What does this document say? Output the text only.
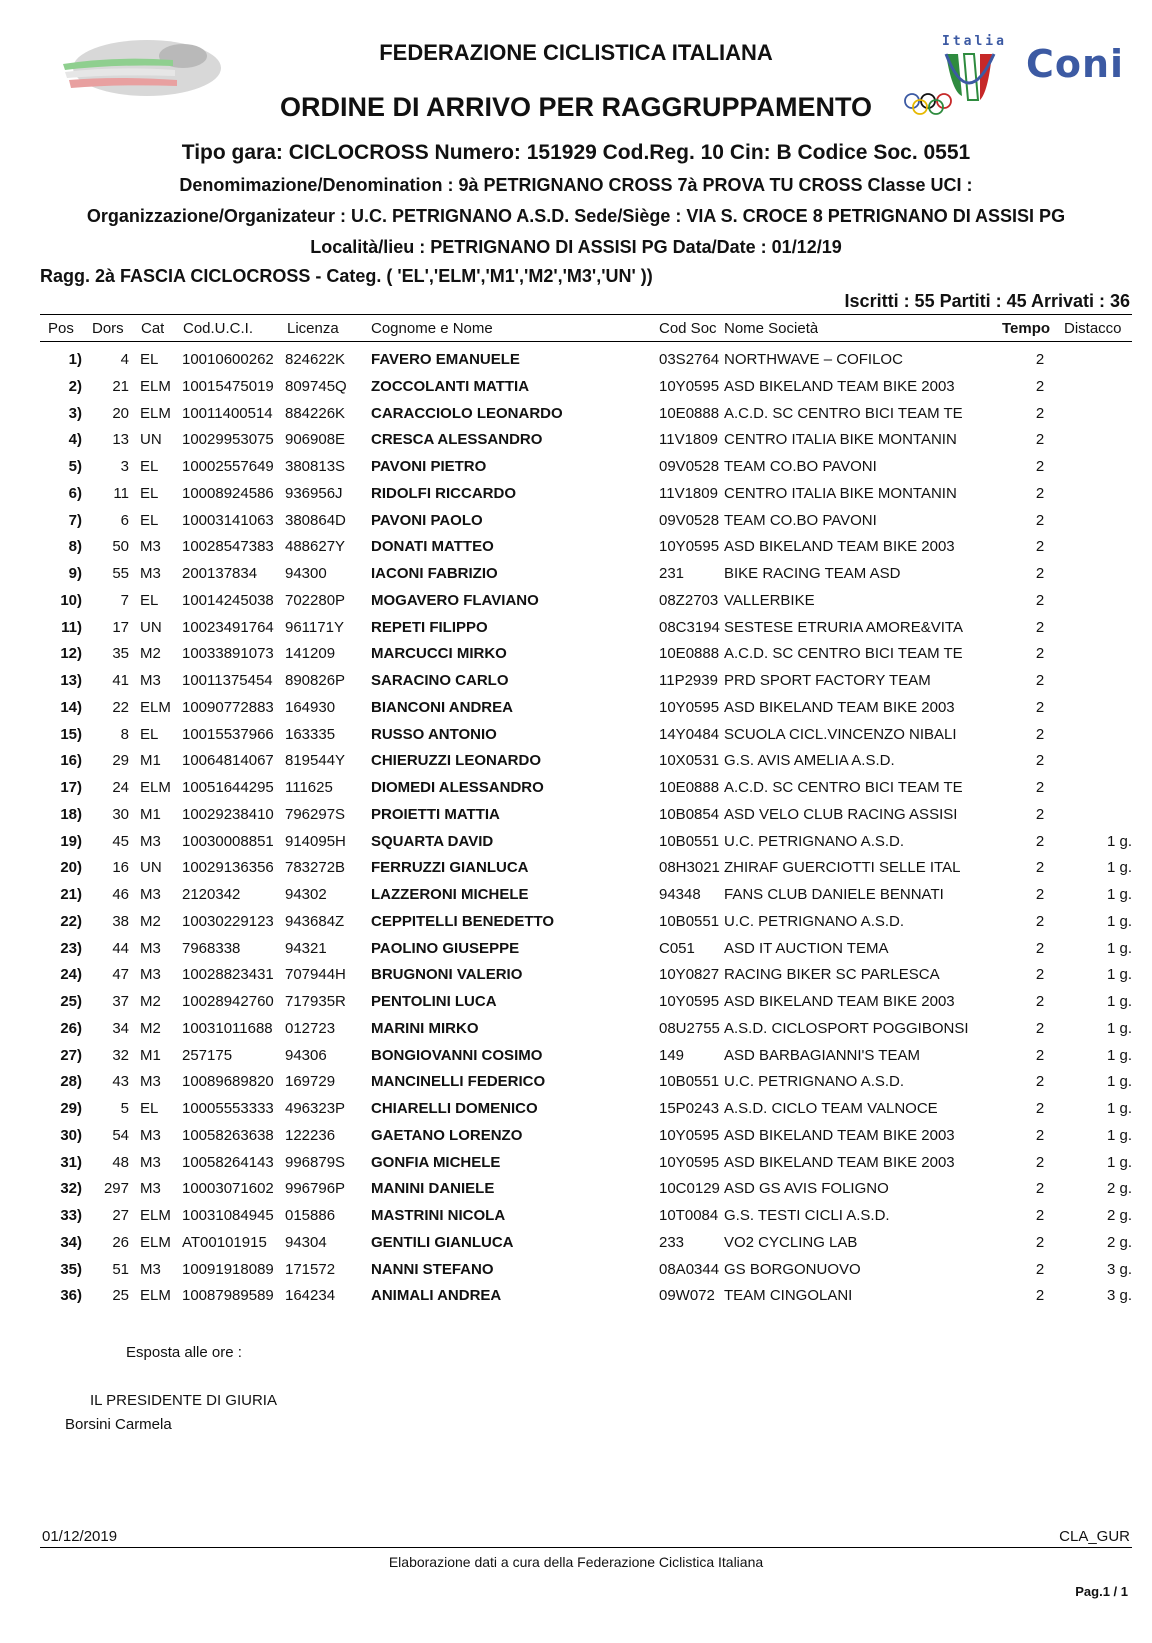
Italia
Coni
FEDERAZIONE CICLISTICA ITALIANA
ORDINE DI ARRIVO PER RAGGRUPPAMENTO
Tipo gara: CICLOCROSS Numero: 151929 Cod.Reg. 10 Cin: B Codice Soc. 0551
Denomimazione/Denomination : 9à PETRIGNANO CROSS 7à PROVA TU CROSS Classe UCI :
Organizzazione/Organizateur : U.C. PETRIGNANO A.S.D. Sede/Siège : VIA S. CROCE 8 PETRIGNANO DI ASSISI PG
Località/lieu : PETRIGNANO DI ASSISI PG Data/Date : 01/12/19
Ragg. 2à FASCIA CICLOCROSS - Categ. ( 'EL','ELM','M1','M2','M3','UN' ))
Iscritti : 55 Partiti : 45 Arrivati : 36
Pos Dors Cat Cod.U.C.I. Licenza Cognome e Nome	Cod Soc Nome Società	Tempo Distacco
1)	4 EL	10010600262 824622K	FAVERO EMANUELE	03S2764 NORTHWAVE – COFILOC	2
2)	21 ELM 10015475019 809745Q	ZOCCOLANTI MATTIA	10Y0595 ASD BIKELAND TEAM BIKE 2003	2
3)	20 ELM 10011400514 884226K	CARACCIOLO LEONARDO	10E0888 A.C.D. SC CENTRO BICI TEAM TE	2
4)	13 UN	10029953075 906908E	CRESCA ALESSANDRO	11V1809 CENTRO ITALIA BIKE MONTANIN	2
5)	3 EL	10002557649 380813S	PAVONI PIETRO	09V0528 TEAM CO.BO PAVONI	2
6)	11 EL	10008924586 936956J	RIDOLFI RICCARDO	11V1809 CENTRO ITALIA BIKE MONTANIN	2
7)	6 EL	10003141063 380864D	PAVONI PAOLO	09V0528 TEAM CO.BO PAVONI	2
8)	50 M3	10028547383 488627Y	DONATI MATTEO	10Y0595 ASD BIKELAND TEAM BIKE 2003	2
9)	55 M3	200137834	94300	IACONI FABRIZIO	231	BIKE RACING TEAM ASD	2
10)	7 EL	10014245038 702280P	MOGAVERO FLAVIANO	08Z2703 VALLERBIKE	2
11)	17 UN	10023491764 961171Y	REPETI FILIPPO	08C3194 SESTESE ETRURIA AMORE&VITA	2
12)	35 M2	10033891073 141209	MARCUCCI MIRKO	10E0888 A.C.D. SC CENTRO BICI TEAM TE	2
13)	41 M3	10011375454 890826P	SARACINO CARLO	11P2939 PRD SPORT FACTORY TEAM	2
14)	22 ELM 10090772883 164930	BIANCONI ANDREA	10Y0595 ASD BIKELAND TEAM BIKE 2003	2
15)	8 EL	10015537966 163335	RUSSO ANTONIO	14Y0484 SCUOLA CICL.VINCENZO NIBALI	2
16)	29 M1	10064814067 819544Y	CHIERUZZI LEONARDO	10X0531 G.S. AVIS AMELIA A.S.D.	2
17)	24 ELM 10051644295 111625	DIOMEDI ALESSANDRO	10E0888 A.C.D. SC CENTRO BICI TEAM TE	2
18)	30 M1	10029238410 796297S	PROIETTI MATTIA	10B0854 ASD VELO CLUB RACING ASSISI	2
19)	45 M3	10030008851 914095H	SQUARTA DAVID	10B0551 U.C. PETRIGNANO A.S.D.	2	1 g.
20)	16 UN	10029136356 783272B	FERRUZZI GIANLUCA	08H3021 ZHIRAF GUERCIOTTI SELLE ITAL	2	1 g.
21)	46 M3	2120342	94302	LAZZERONI MICHELE	94348	FANS CLUB DANIELE BENNATI	2	1 g.
22)	38 M2	10030229123 943684Z	CEPPITELLI BENEDETTO	10B0551 U.C. PETRIGNANO A.S.D.	2	1 g.
23)	44 M3	7968338	94321	PAOLINO GIUSEPPE	C051	ASD IT AUCTION TEMA	2	1 g.
24)	47 M3	10028823431 707944H	BRUGNONI VALERIO	10Y0827 RACING BIKER SC PARLESCA	2	1 g.
25)	37 M2	10028942760 717935R	PENTOLINI LUCA	10Y0595 ASD BIKELAND TEAM BIKE 2003	2	1 g.
26)	34 M2	10031011688 012723	MARINI MIRKO	08U2755 A.S.D. CICLOSPORT POGGIBONSI	2	1 g.
27)	32 M1	257175	94306	BONGIOVANNI COSIMO	149	ASD BARBAGIANNI'S TEAM	2	1 g.
28)	43 M3	10089689820 169729	MANCINELLI FEDERICO	10B0551 U.C. PETRIGNANO A.S.D.	2	1 g.
29)	5 EL	10005553333 496323P	CHIARELLI DOMENICO	15P0243 A.S.D. CICLO TEAM VALNOCE	2	1 g.
30)	54 M3	10058263638 122236	GAETANO LORENZO	10Y0595 ASD BIKELAND TEAM BIKE 2003	2	1 g.
31)	48 M3	10058264143 996879S	GONFIA MICHELE	10Y0595 ASD BIKELAND TEAM BIKE 2003	2	1 g.
32)	297 M3	10003071602 996796P	MANINI DANIELE	10C0129 ASD GS AVIS FOLIGNO	2	2 g.
33)	27 ELM 10031084945 015886	MASTRINI NICOLA	10T0084 G.S. TESTI CICLI A.S.D.	2	2 g.
34)	26 ELM AT00101915	94304	GENTILI GIANLUCA	233	VO2 CYCLING LAB	2	2 g.
35)	51 M3	10091918089 171572	NANNI STEFANO	08A0344 GS BORGONUOVO	2	3 g.
36)	25 ELM 10087989589 164234	ANIMALI ANDREA	09W072 TEAM CINGOLANI	2	3 g.
Esposta alle ore :
IL PRESIDENTE DI GIURIA
Borsini Carmela
01/12/2019	CLA_GUR
Elaborazione dati a cura della Federazione Ciclistica Italiana
Pag.1 / 1
